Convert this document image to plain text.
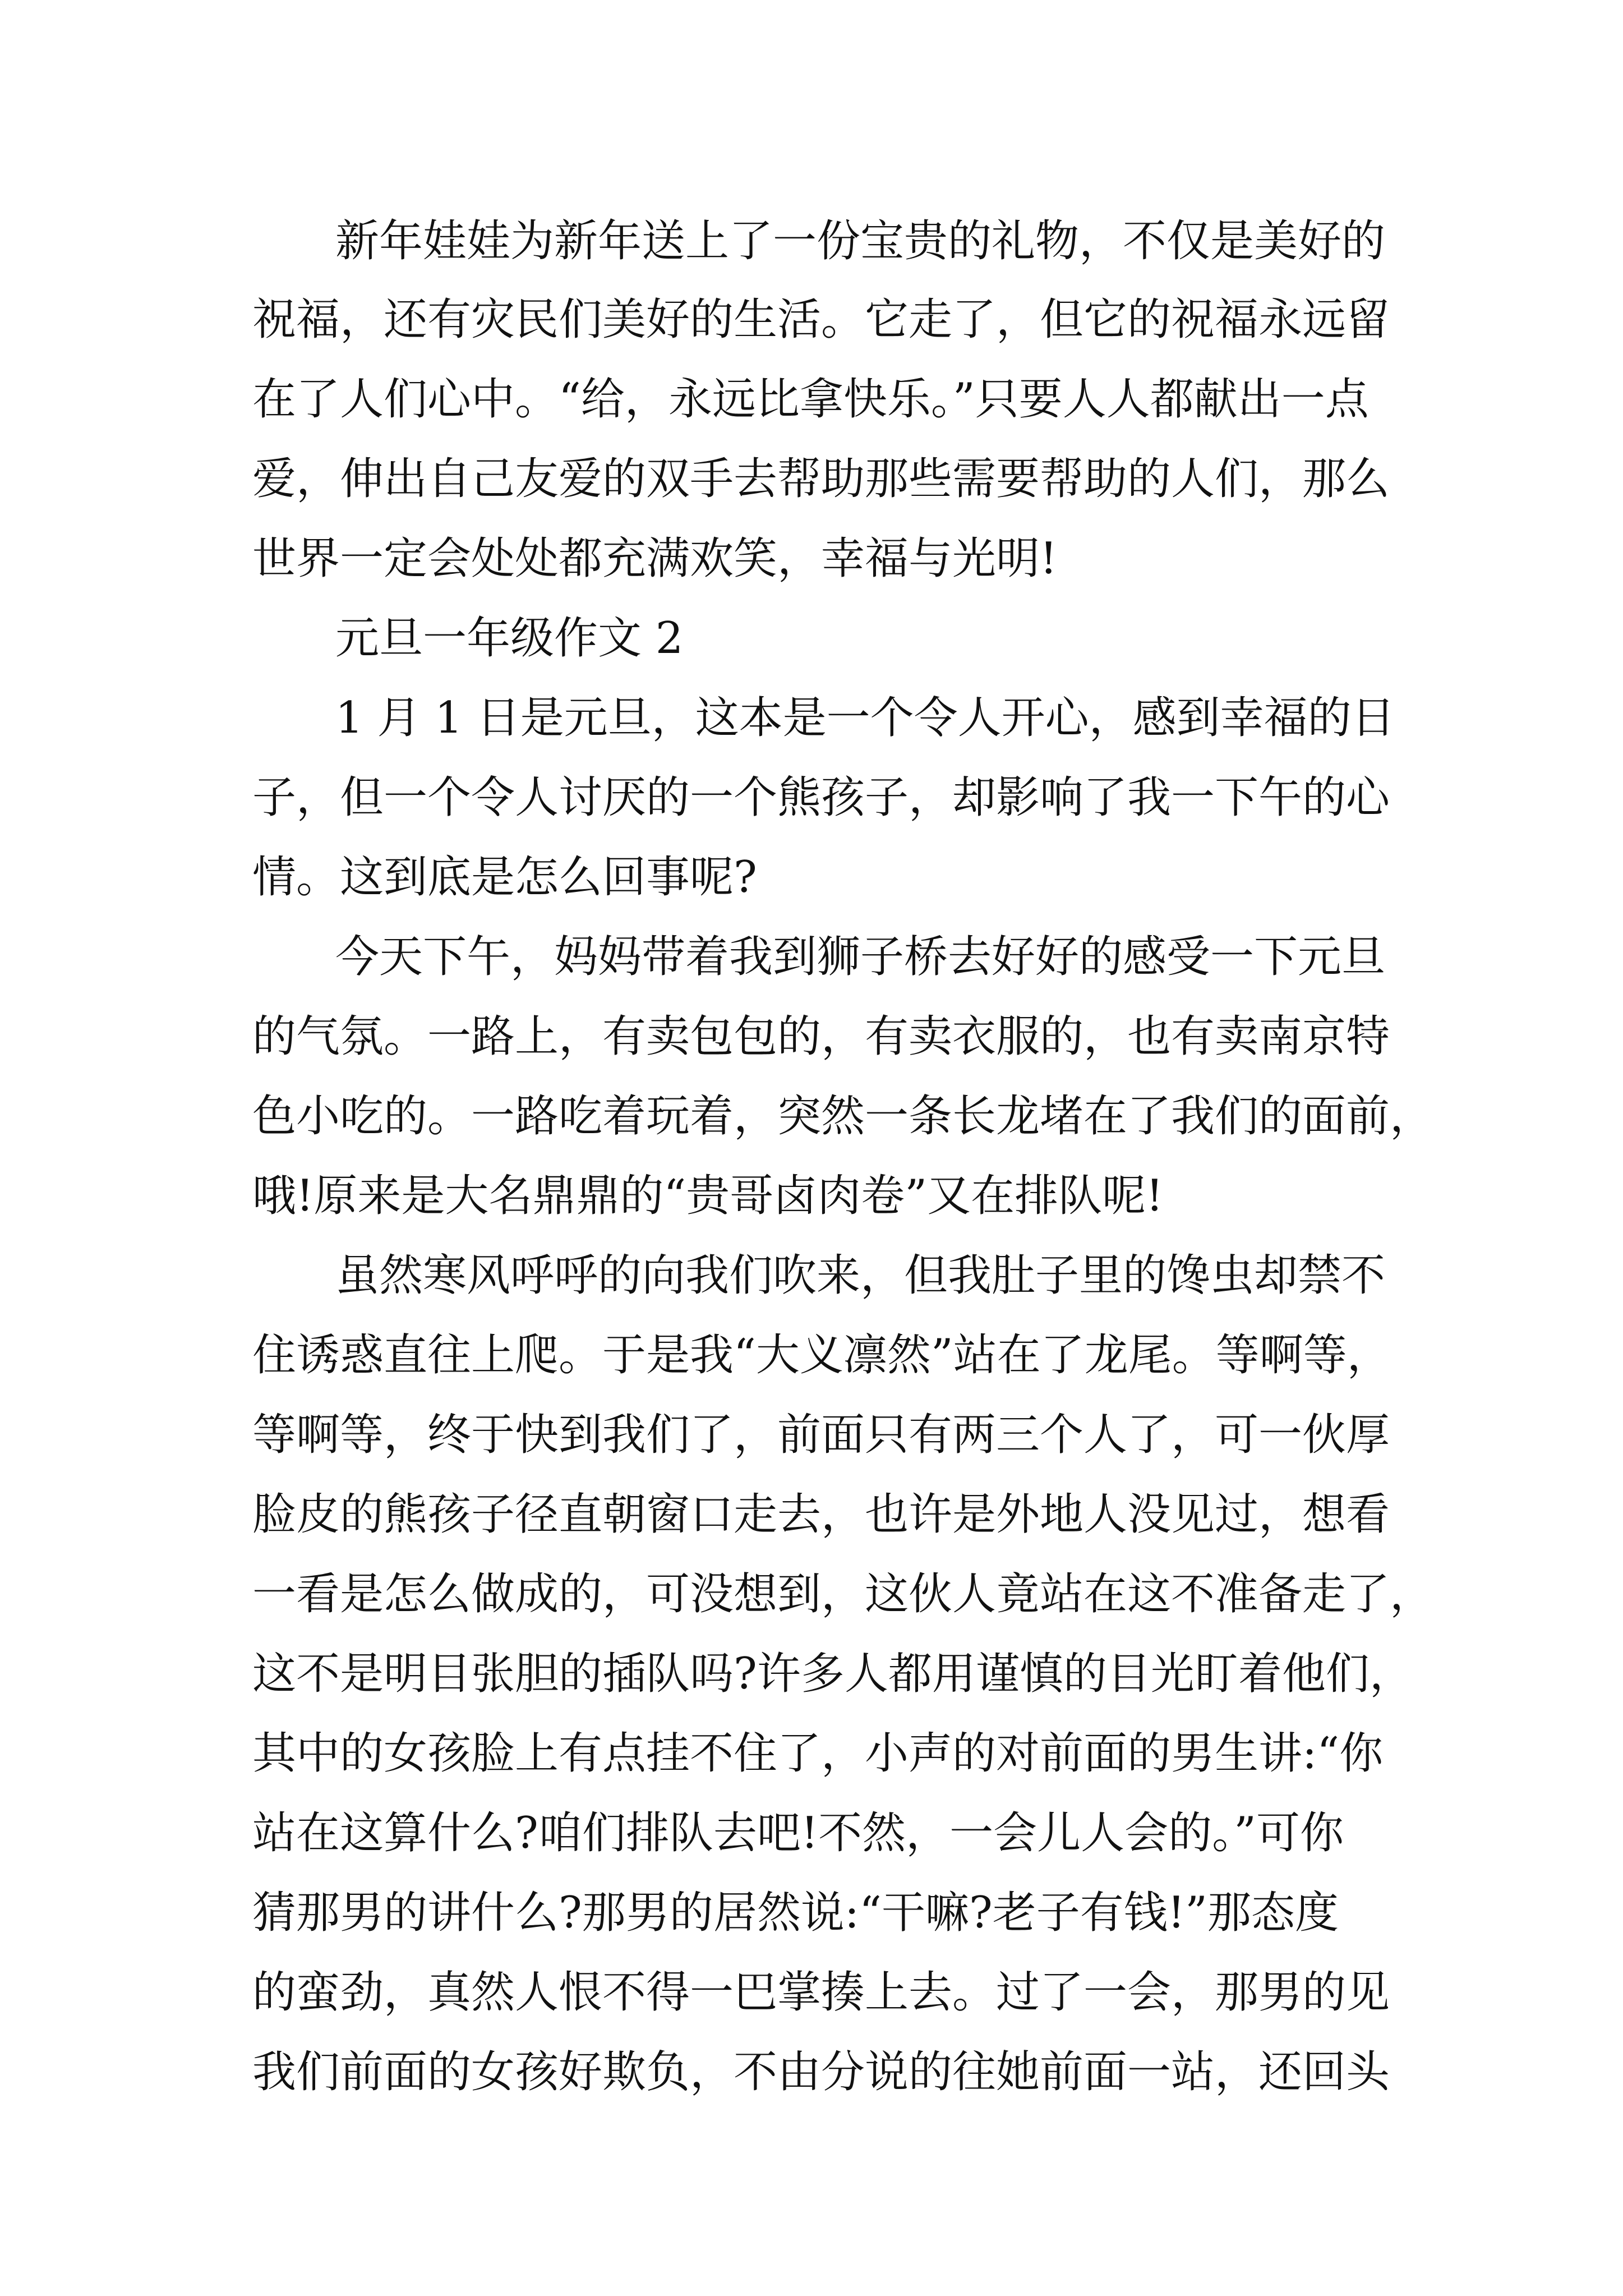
新年娃娃为新年送上了一份宝贵的礼物，不仅是美好的
祝福，还有灾民们美好的生活。它走了，但它的祝福永远留
在了人们心中。“给，永远比拿快乐。”只要人人都献出一点
爱，伸出自己友爱的双手去帮助那些需要帮助的人们，那么
世界一定会处处都充满欢笑，幸福与光明!
元旦一年级作文 2
1 月 1 日是元旦，这本是一个令人开心，感到幸福的日
子，但一个令人讨厌的一个熊孩子，却影响了我一下午的心
情。这到底是怎么回事呢?
今天下午，妈妈带着我到狮子桥去好好的感受一下元旦
的气氛。一路上，有卖包包的，有卖衣服的，也有卖南京特
色小吃的。一路吃着玩着，突然一条长龙堵在了我们的面前，
哦!原来是大名鼎鼎的“贵哥卤肉卷”又在排队呢!
虽然寒风呼呼的向我们吹来，但我肚子里的馋虫却禁不
住诱惑直往上爬。于是我“大义凛然”站在了龙尾。等啊等，
等啊等，终于快到我们了，前面只有两三个人了，可一伙厚
脸皮的熊孩子径直朝窗口走去，也许是外地人没见过，想看
一看是怎么做成的，可没想到，这伙人竟站在这不准备走了，
这不是明目张胆的插队吗?许多人都用谨慎的目光盯着他们，
其中的女孩脸上有点挂不住了，小声的对前面的男生讲:“你
站在这算什么?咱们排队去吧!不然，一会儿人会的。”可你
猜那男的讲什么?那男的居然说:“干嘛?老子有钱!”那态度
的蛮劲，真然人恨不得一巴掌揍上去。过了一会，那男的见
我们前面的女孩好欺负，不由分说的往她前面一站，还回头
